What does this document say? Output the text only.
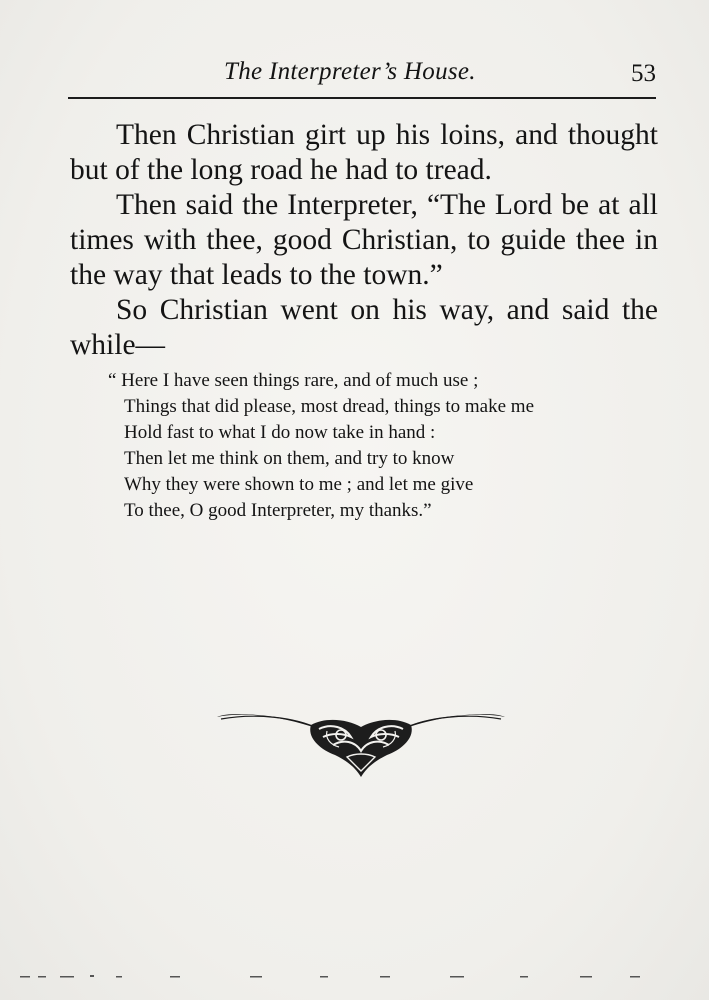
The Interpreter’s House.	53

Then Christian girt up his loins, and thought but of the long road he had to tread.

Then said the Interpreter, “The Lord be at all times with thee, good Christian, to guide thee in the way that leads to the town.”

So Christian went on his way, and said the while—

“ Here I have seen things rare, and of much use ;
Things that did please, most dread, things to make me
Hold fast to what I do now take in hand :
Then let me think on them, and try to know
Why they were shown to me ; and let me give
To thee, O good Interpreter, my thanks.”
